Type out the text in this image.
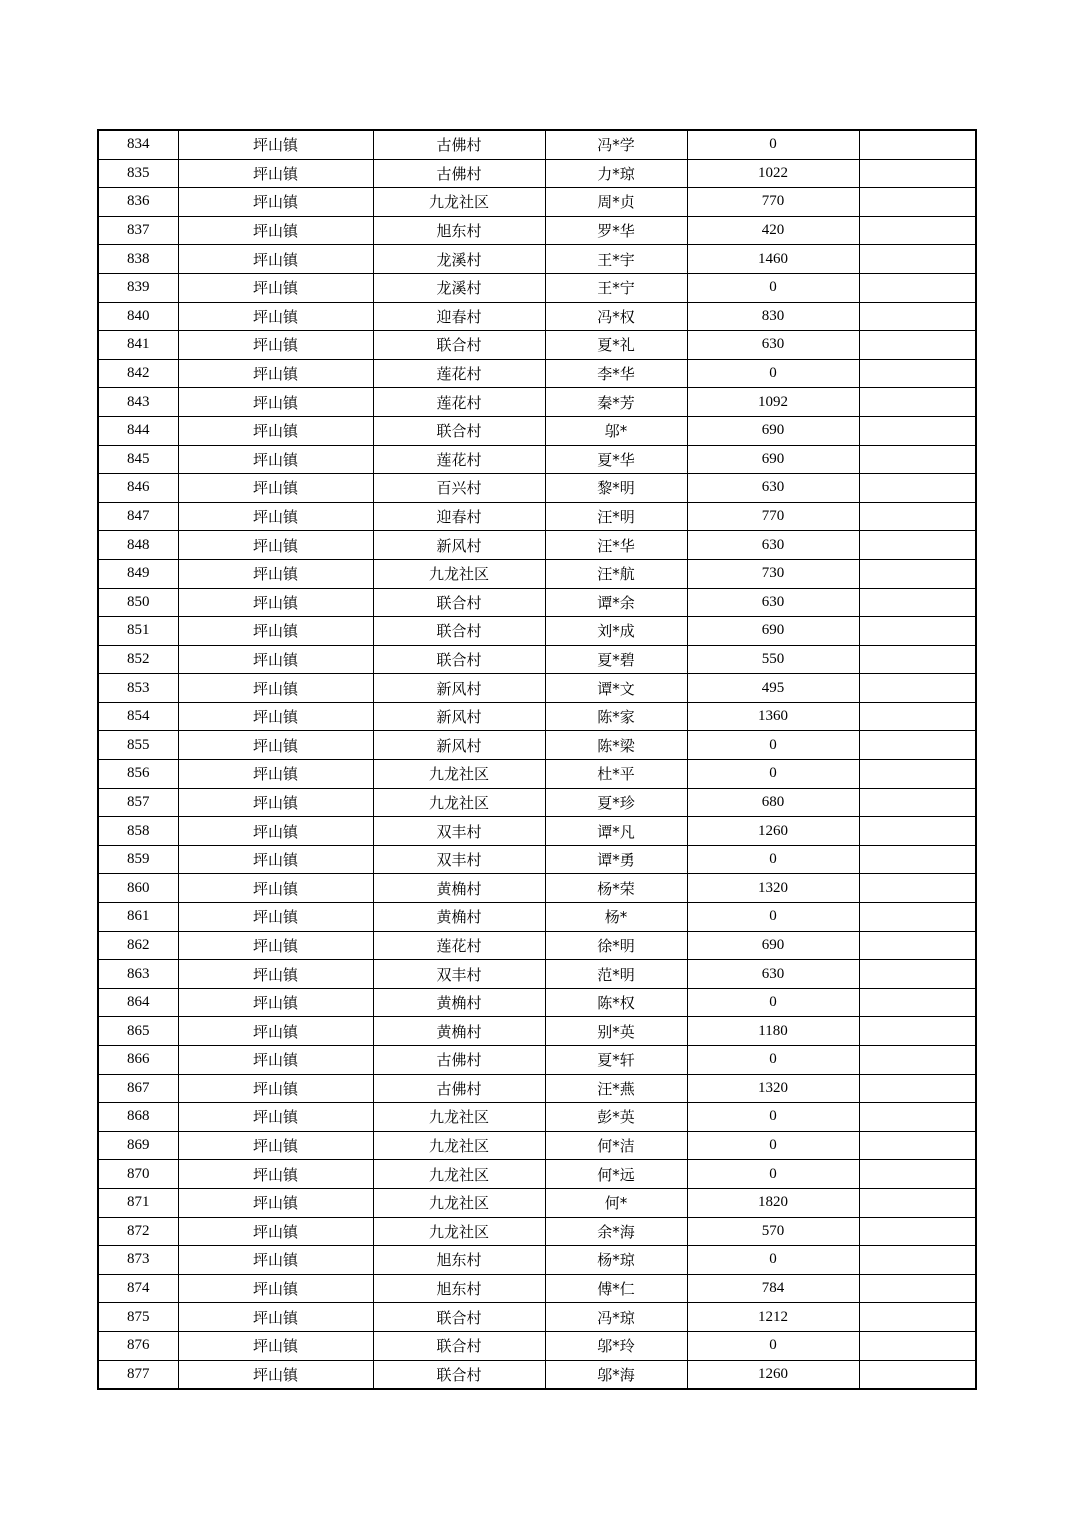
834	坪山镇	古佛村	冯*学	0	
835	坪山镇	古佛村	力*琼	1022	
836	坪山镇	九龙社区	周*贞	770	
837	坪山镇	旭东村	罗*华	420	
838	坪山镇	龙溪村	王*宇	1460	
839	坪山镇	龙溪村	王*宁	0	
840	坪山镇	迎春村	冯*权	830	
841	坪山镇	联合村	夏*礼	630	
842	坪山镇	莲花村	李*华	0	
843	坪山镇	莲花村	秦*芳	1092	
844	坪山镇	联合村	邬*	690	
845	坪山镇	莲花村	夏*华	690	
846	坪山镇	百兴村	黎*明	630	
847	坪山镇	迎春村	汪*明	770	
848	坪山镇	新风村	汪*华	630	
849	坪山镇	九龙社区	汪*航	730	
850	坪山镇	联合村	谭*余	630	
851	坪山镇	联合村	刘*成	690	
852	坪山镇	联合村	夏*碧	550	
853	坪山镇	新风村	谭*文	495	
854	坪山镇	新风村	陈*家	1360	
855	坪山镇	新风村	陈*梁	0	
856	坪山镇	九龙社区	杜*平	0	
857	坪山镇	九龙社区	夏*珍	680	
858	坪山镇	双丰村	谭*凡	1260	
859	坪山镇	双丰村	谭*勇	0	
860	坪山镇	黄桷村	杨*荣	1320	
861	坪山镇	黄桷村	杨*	0	
862	坪山镇	莲花村	徐*明	690	
863	坪山镇	双丰村	范*明	630	
864	坪山镇	黄桷村	陈*权	0	
865	坪山镇	黄桷村	别*英	1180	
866	坪山镇	古佛村	夏*轩	0	
867	坪山镇	古佛村	汪*燕	1320	
868	坪山镇	九龙社区	彭*英	0	
869	坪山镇	九龙社区	何*洁	0	
870	坪山镇	九龙社区	何*远	0	
871	坪山镇	九龙社区	何*	1820	
872	坪山镇	九龙社区	余*海	570	
873	坪山镇	旭东村	杨*琼	0	
874	坪山镇	旭东村	傅*仁	784	
875	坪山镇	联合村	冯*琼	1212	
876	坪山镇	联合村	邬*玲	0	
877	坪山镇	联合村	邬*海	1260	
